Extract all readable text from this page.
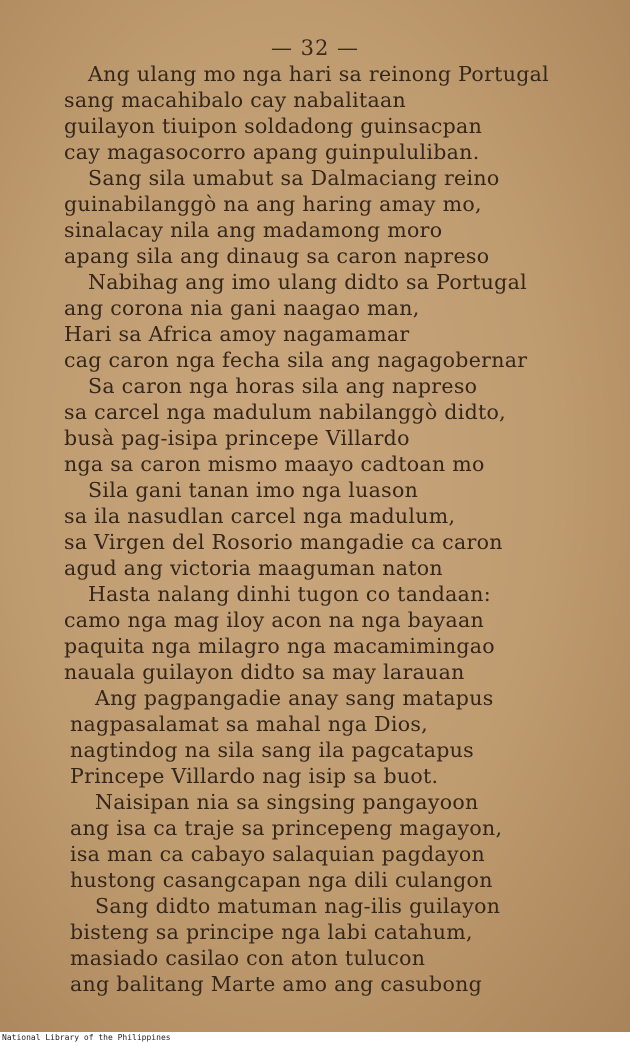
— 32 —
Ang ulang mo nga hari sa reinong Portugal
sang macahibalo cay nabalitaan
guilayon tiuipon soldadong guinsacpan
cay magasocorro apang guinpululiban.
Sang sila umabut sa Dalmaciang reino
guinabilanggò na ang haring amay mo,
sinalacay nila ang madamong moro
apang sila ang dinaug sa caron napreso
Nabihag ang imo ulang didto sa Portugal
ang corona nia gani naagao man,
Hari sa Africa amoy nagamamar
cag caron nga fecha sila ang nagagobernar
Sa caron nga horas sila ang napreso
sa carcel nga madulum nabilanggò didto,
busà pag-isipa princepe Villardo
nga sa caron mismo maayo cadtoan mo
Sila gani tanan imo nga luason
sa ila nasudlan carcel nga madulum,
sa Virgen del Rosorio mangadie ca caron
agud ang victoria maaguman naton
Hasta nalang dinhi tugon co tandaan:
camo nga mag iloy acon na nga bayaan
paquita nga milagro nga macamimingao
nauala guilayon didto sa may larauan
Ang pagpangadie anay sang matapus
nagpasalamat sa mahal nga Dios,
nagtindog na sila sang ila pagcatapus
Princepe Villardo nag isip sa buot.
Naisipan nia sa singsing pangayoon
ang isa ca traje sa princepeng magayon,
isa man ca cabayo salaquian pagdayon
hustong casangcapan nga dili culangon
Sang didto matuman nag-ilis guilayon
bisteng sa principe nga labi catahum,
masiado casilao con aton tulucon
ang balitang Marte amo ang casubong
National Library of the Philippines
